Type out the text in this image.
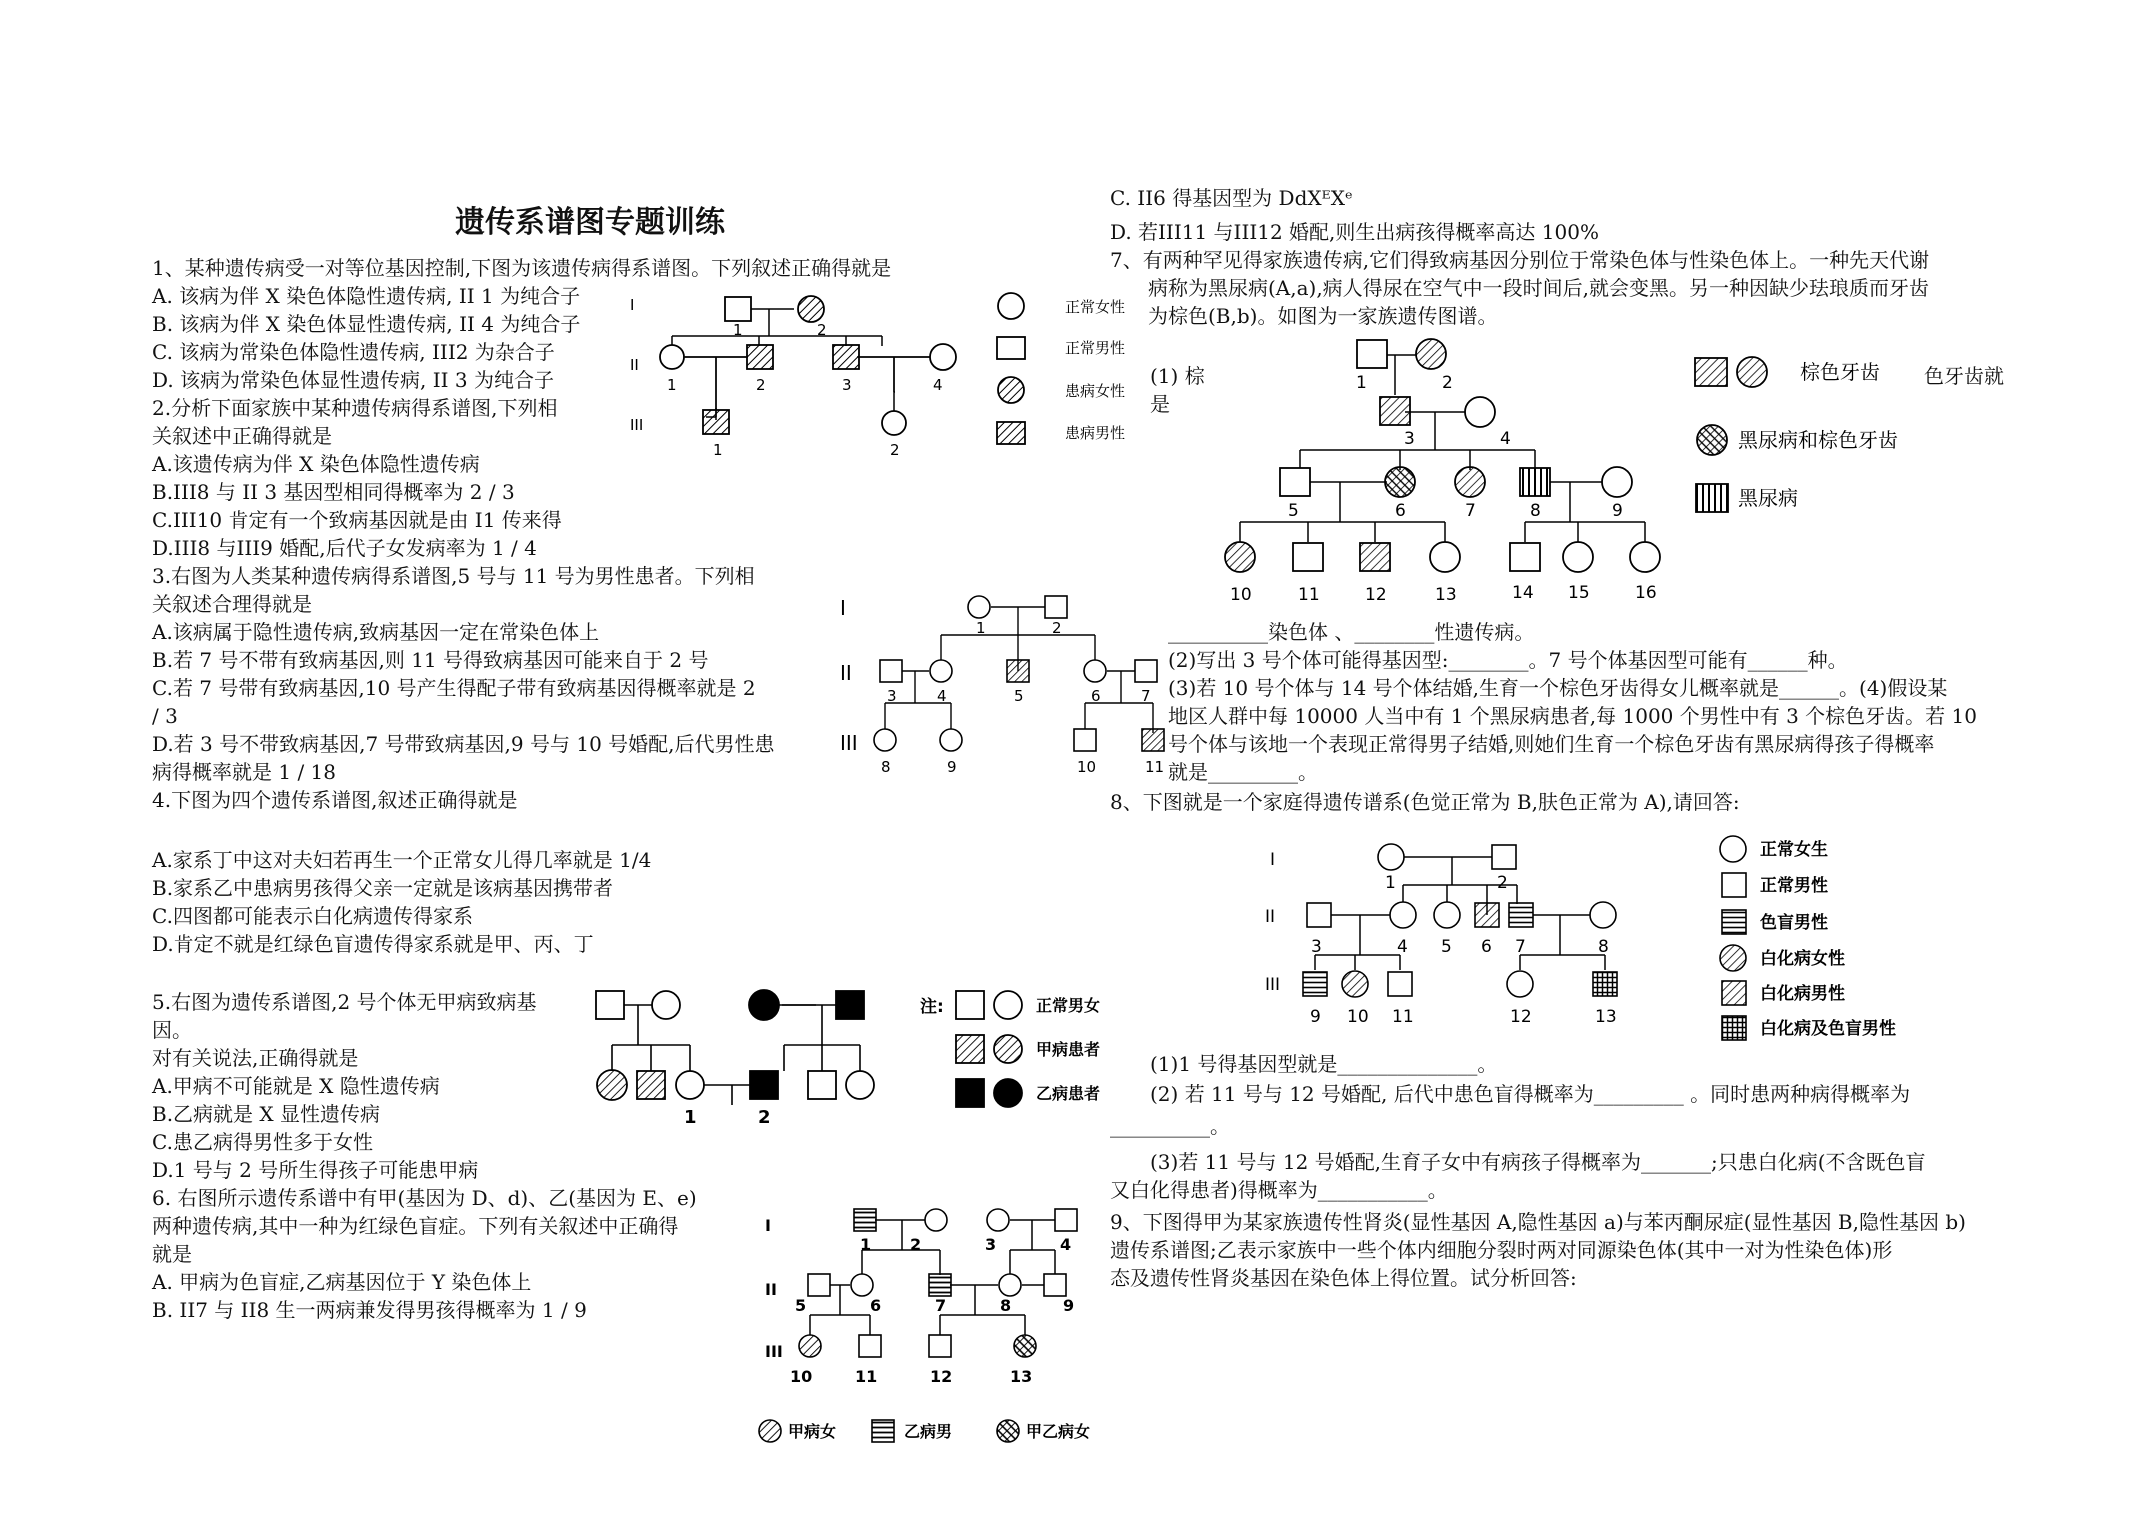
遗传系谱图专题训练
1、某种遗传病受一对等位基因控制,下图为该遗传病得系谱图。下列叙述正确得就是
A. 该病为伴 X 染色体隐性遗传病, II 1 为纯合子
B. 该病为伴 X 染色体显性遗传病, II 4 为纯合子
C. 该病为常染色体隐性遗传病, III2 为杂合子
D. 该病为常染色体显性遗传病, II 3 为纯合子
2.分析下面家族中某种遗传病得系谱图,下列相
关叙述中正确得就是
A.该遗传病为伴 X 染色体隐性遗传病
B.III8 与 II 3 基因型相同得概率为 2 / 3
C.III10 肯定有一个致病基因就是由 I1 传来得
D.III8 与III9 婚配,后代子女发病率为 1 / 4
3.右图为人类某种遗传病得系谱图,5 号与 11 号为男性患者。下列相
关叙述合理得就是
A.该病属于隐性遗传病,致病基因一定在常染色体上
B.若 7 号不带有致病基因,则 11 号得致病基因可能来自于 2 号
C.若 7 号带有致病基因,10 号产生得配子带有致病基因得概率就是 2
/ 3
D.若 3 号不带致病基因,7 号带致病基因,9 号与 10 号婚配,后代男性患
病得概率就是 1 / 18
4.下图为四个遗传系谱图,叙述正确得就是
A.家系丁中这对夫妇若再生一个正常女儿得几率就是 1/4
B.家系乙中患病男孩得父亲一定就是该病基因携带者
C.四图都可能表示白化病遗传得家系
D.肯定不就是红绿色盲遗传得家系就是甲、丙、丁
5.右图为遗传系谱图,2 号个体无甲病致病基
因。
对有关说法,正确得就是
A.甲病不可能就是 X 隐性遗传病
B.乙病就是 X 显性遗传病
C.患乙病得男性多于女性
D.1 号与 2 号所生得孩子可能患甲病
6. 右图所示遗传系谱中有甲(基因为 D、d)、乙(基因为 E、e)
两种遗传病,其中一种为红绿色盲症。下列有关叙述中正确得
就是
A. 甲病为色盲症,乙病基因位于 Y 染色体上
B. II7 与 II8 生一两病兼发得男孩得概率为 1 / 9
C. II6 得基因型为 DdXᴱXᵉ
D. 若III11 与III12 婚配,则生出病孩得概率高达 100%
7、有两种罕见得家族遗传病,它们得致病基因分别位于常染色体与性染色体上。一种先天代谢
病称为黑尿病(A,a),病人得尿在空气中一段时间后,就会变黑。另一种因缺少珐琅质而牙齿
为棕色(B,b)。如图为一家族遗传图谱。
(1) 棕
是
色牙齿就
__________染色体 、________性遗传病。
(2)写出 3 号个体可能得基因型:________。7 号个体基因型可能有______种。
(3)若 10 号个体与 14 号个体结婚,生育一个棕色牙齿得女儿概率就是______。(4)假设某
地区人群中每 10000 人当中有 1 个黑尿病患者,每 1000 个男性中有 3 个棕色牙齿。若 10
号个体与该地一个表现正常得男子结婚,则她们生育一个棕色牙齿有黑尿病得孩子得概率
就是_________。
8、下图就是一个家庭得遗传谱系(色觉正常为 B,肤色正常为 A),请回答:
(1)1 号得基因型就是______________。
(2) 若 11 号与 12 号婚配, 后代中患色盲得概率为_________ 。同时患两种病得概率为
__________。
(3)若 11 号与 12 号婚配,生育子女中有病孩子得概率为_______;只患白化病(不含既色盲
又白化得患者)得概率为___________。
9、下图得甲为某家族遗传性肾炎(显性基因 A,隐性基因 a)与苯丙酮尿症(显性基因 B,隐性基因 b)
遗传系谱图;乙表示家族中一些个体内细胞分裂时两对同源染色体(其中一对为性染色体)形
态及遗传性肾炎基因在染色体上得位置。试分析回答:
I
II
III
1	2
1	2	3	4
1	2
正常女性
正常男性
患病女性
患病男性
I
II
III
1	2
3	4	5	6	7
8	9	10	11
1	2
注:	正常男女
甲病患者
乙病患者
I
II
III
1 2	3	4
5	6	7	8	9
10	11	12	13
甲病女	乙病男	甲乙病女
1	2
3	4
5	6	7	8	9
10	11	12	13	14 15	16
棕色牙齿
黑尿病和棕色牙齿
黑尿病
I
II
III
1	2
3	4 5 6 7	8
9 10 11	12	13
正常女生
正常男性
色盲男性
白化病女性
白化病男性
白化病及色盲男性
